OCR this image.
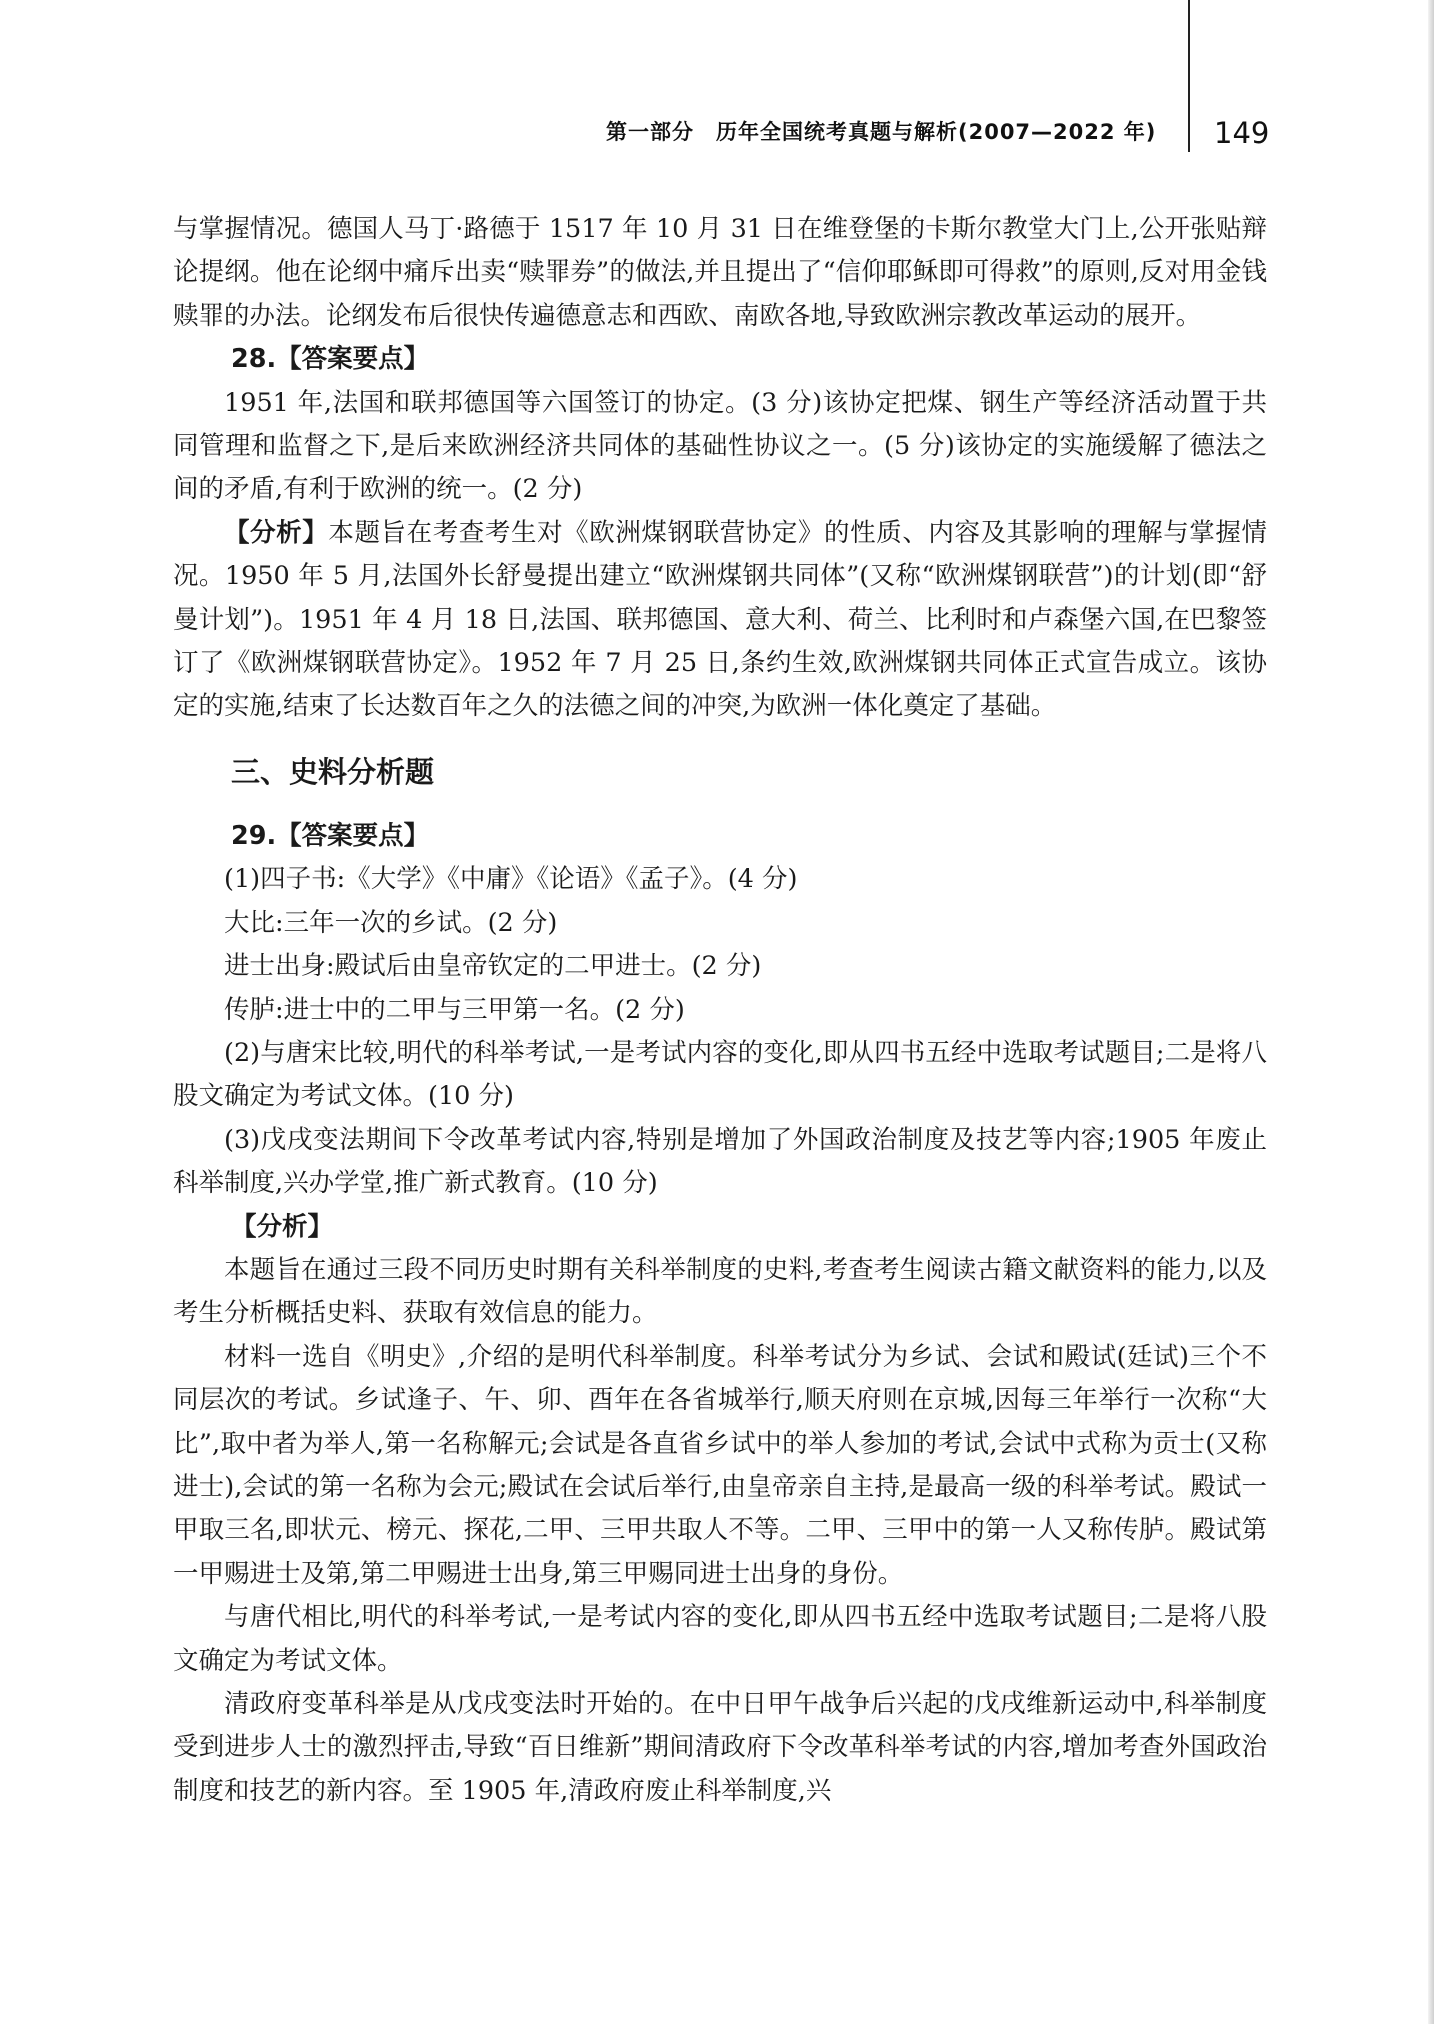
第一部分　历年全国统考真题与解析(2007—2022 年) 149

与掌握情况。德国人马丁·路德于 1517 年 10 月 31 日在维登堡的卡斯尔教堂大门上,公开张贴辩论提纲。他在论纲中痛斥出卖“赎罪券”的做法,并且提出了“信仰耶稣即可得救”的原则,反对用金钱赎罪的办法。论纲发布后很快传遍德意志和西欧、南欧各地,导致欧洲宗教改革运动的展开。

28.【答案要点】

1951 年,法国和联邦德国等六国签订的协定。(3 分)该协定把煤、钢生产等经济活动置于共同管理和监督之下,是后来欧洲经济共同体的基础性协议之一。(5 分)该协定的实施缓解了德法之间的矛盾,有利于欧洲的统一。(2 分)

【分析】本题旨在考查考生对《欧洲煤钢联营协定》的性质、内容及其影响的理解与掌握情况。1950 年 5 月,法国外长舒曼提出建立“欧洲煤钢共同体”(又称“欧洲煤钢联营”)的计划(即“舒曼计划”)。1951 年 4 月 18 日,法国、联邦德国、意大利、荷兰、比利时和卢森堡六国,在巴黎签订了《欧洲煤钢联营协定》。1952 年 7 月 25 日,条约生效,欧洲煤钢共同体正式宣告成立。该协定的实施,结束了长达数百年之久的法德之间的冲突,为欧洲一体化奠定了基础。

三、史料分析题

29.【答案要点】

(1)四子书:《大学》《中庸》《论语》《孟子》。(4 分)

大比:三年一次的乡试。(2 分)

进士出身:殿试后由皇帝钦定的二甲进士。(2 分)

传胪:进士中的二甲与三甲第一名。(2 分)

(2)与唐宋比较,明代的科举考试,一是考试内容的变化,即从四书五经中选取考试题目;二是将八股文确定为考试文体。(10 分)

(3)戊戌变法期间下令改革考试内容,特别是增加了外国政治制度及技艺等内容;1905 年废止科举制度,兴办学堂,推广新式教育。(10 分)

【分析】

本题旨在通过三段不同历史时期有关科举制度的史料,考查考生阅读古籍文献资料的能力,以及考生分析概括史料、获取有效信息的能力。

材料一选自《明史》,介绍的是明代科举制度。科举考试分为乡试、会试和殿试(廷试)三个不同层次的考试。乡试逢子、午、卯、酉年在各省城举行,顺天府则在京城,因每三年举行一次称“大比”,取中者为举人,第一名称解元;会试是各直省乡试中的举人参加的考试,会试中式称为贡士(又称进士),会试的第一名称为会元;殿试在会试后举行,由皇帝亲自主持,是最高一级的科举考试。殿试一甲取三名,即状元、榜元、探花,二甲、三甲共取人不等。二甲、三甲中的第一人又称传胪。殿试第一甲赐进士及第,第二甲赐进士出身,第三甲赐同进士出身的身份。

与唐代相比,明代的科举考试,一是考试内容的变化,即从四书五经中选取考试题目;二是将八股文确定为考试文体。

清政府变革科举是从戊戌变法时开始的。在中日甲午战争后兴起的戊戌维新运动中,科举制度受到进步人士的激烈抨击,导致“百日维新”期间清政府下令改革科举考试的内容,增加考查外国政治制度和技艺的新内容。至 1905 年,清政府废止科举制度,兴
